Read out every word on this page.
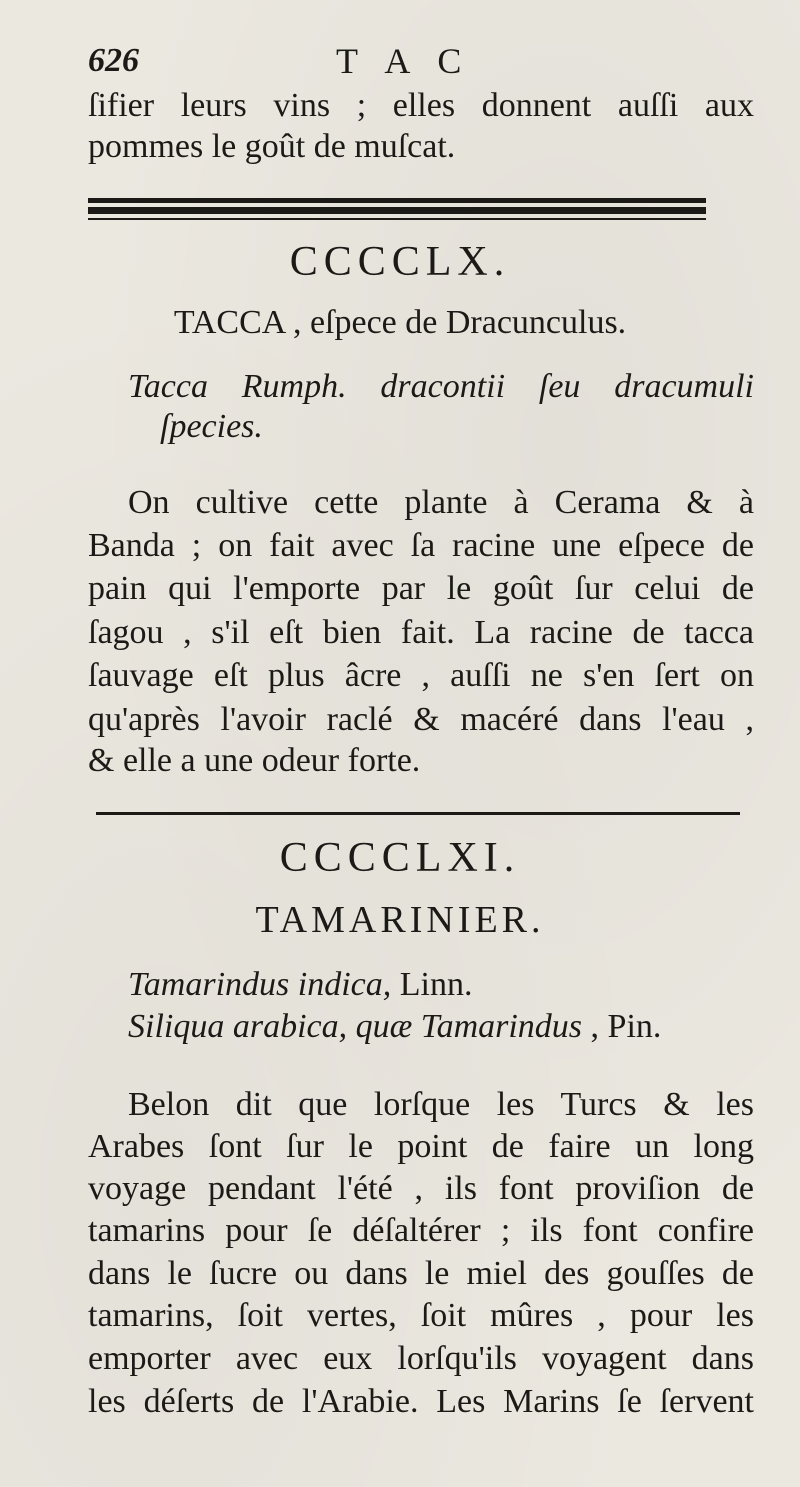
626	T A C
ſifier leurs vins ; elles donnent auſſi aux
pommes le goût de muſcat.
CCCCLX.
TACCA , eſpece de Dracunculus.
Tacca Rumph. dracontii ſeu dracumuli
ſpecies.
On cultive cette plante à Cerama & à
Banda ; on fait avec ſa racine une eſpece de
pain qui l'emporte par le goût ſur celui de
ſagou , s'il eſt bien fait. La racine de tacca
ſauvage eſt plus âcre , auſſi ne s'en ſert on
qu'après l'avoir raclé & macéré dans l'eau ,
& elle a une odeur forte.
CCCCLXI.
TAMARINIER.
Tamarindus indica, Linn.
Siliqua arabica, quæ Tamarindus , Pin.
Belon dit que lorſque les Turcs & les
Arabes ſont ſur le point de faire un long
voyage pendant l'été , ils font proviſion de
tamarins pour ſe déſaltérer ; ils font confire
dans le ſucre ou dans le miel des gouſſes de
tamarins, ſoit vertes, ſoit mûres , pour les
emporter avec eux lorſqu'ils voyagent dans
les déſerts de l'Arabie. Les Marins ſe ſervent
